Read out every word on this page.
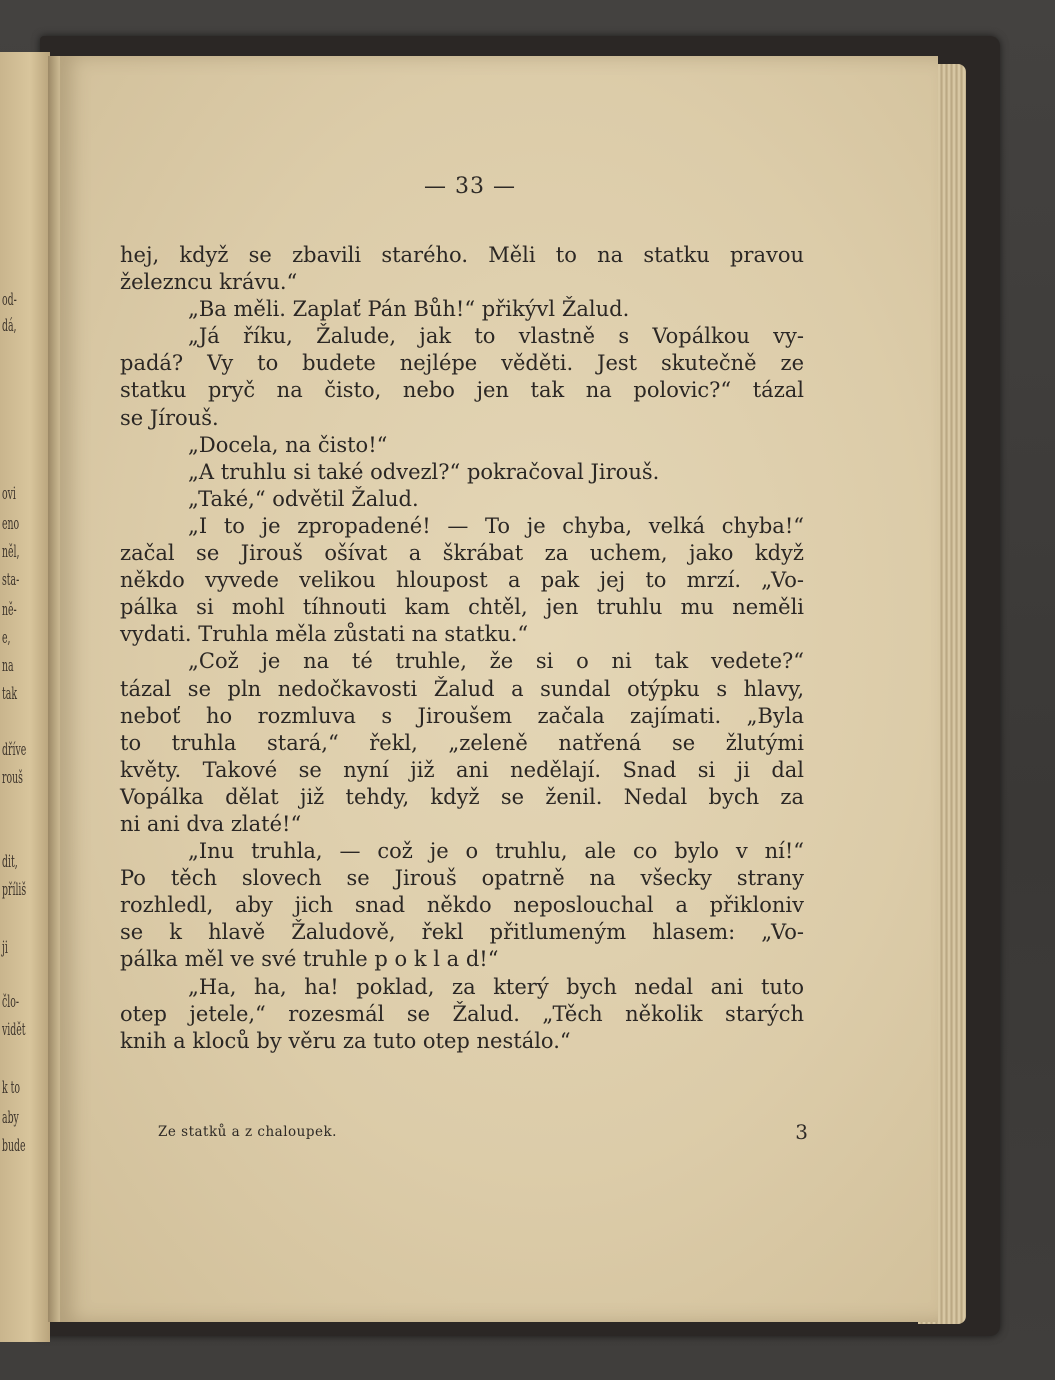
od-
dá,
ovi
eno
něl,
sta-
ně-
e,
na
tak
dříve
rouš
dit,
příliš
ji
člo-
vidět
k to
aby
bude
— 33 —
hej, když se zbavili starého. Měli to na statku pravou
železncu krávu.“
„Ba měli. Zaplať Pán Bůh!“ přikývl Žalud.
„Já říku, Žalude, jak to vlastně s Vopálkou vy-
padá? Vy to budete nejlépe věděti. Jest skutečně ze
statku pryč na čisto, nebo jen tak na polovic?“ tázal
se Jírouš.
„Docela, na čisto!“
„A truhlu si také odvezl?“ pokračoval Jirouš.
„Také,“ odvětil Žalud.
„I to je zpropadené! — To je chyba, velká chyba!“
začal se Jirouš ošívat a škrábat za uchem, jako když
někdo vyvede velikou hloupost a pak jej to mrzí. „Vo-
pálka si mohl tíhnouti kam chtěl, jen truhlu mu neměli
vydati. Truhla měla zůstati na statku.“
„Což je na té truhle, že si o ni tak vedete?“
tázal se pln nedočkavosti Žalud a sundal otýpku s hlavy,
neboť ho rozmluva s Jiroušem začala zajímati. „Byla
to truhla stará,“ řekl, „zeleně natřená se žlutými
květy. Takové se nyní již ani nedělají. Snad si ji dal
Vopálka dělat již tehdy, když se ženil. Nedal bych za
ni ani dva zlaté!“
„Inu truhla, — což je o truhlu, ale co bylo v ní!“
Po těch slovech se Jirouš opatrně na všecky strany
rozhledl, aby jich snad někdo neposlouchal a přikloniv
se k hlavě Žaludově, řekl přitlumeným hlasem: „Vo-
pálka měl ve své truhle p o k l a d!“
„Ha, ha, ha! poklad, za který bych nedal ani tuto
otep jetele,“ rozesmál se Žalud. „Těch několik starých
knih a kloců by věru za tuto otep nestálo.“
Ze statků a z chaloupek.	3
